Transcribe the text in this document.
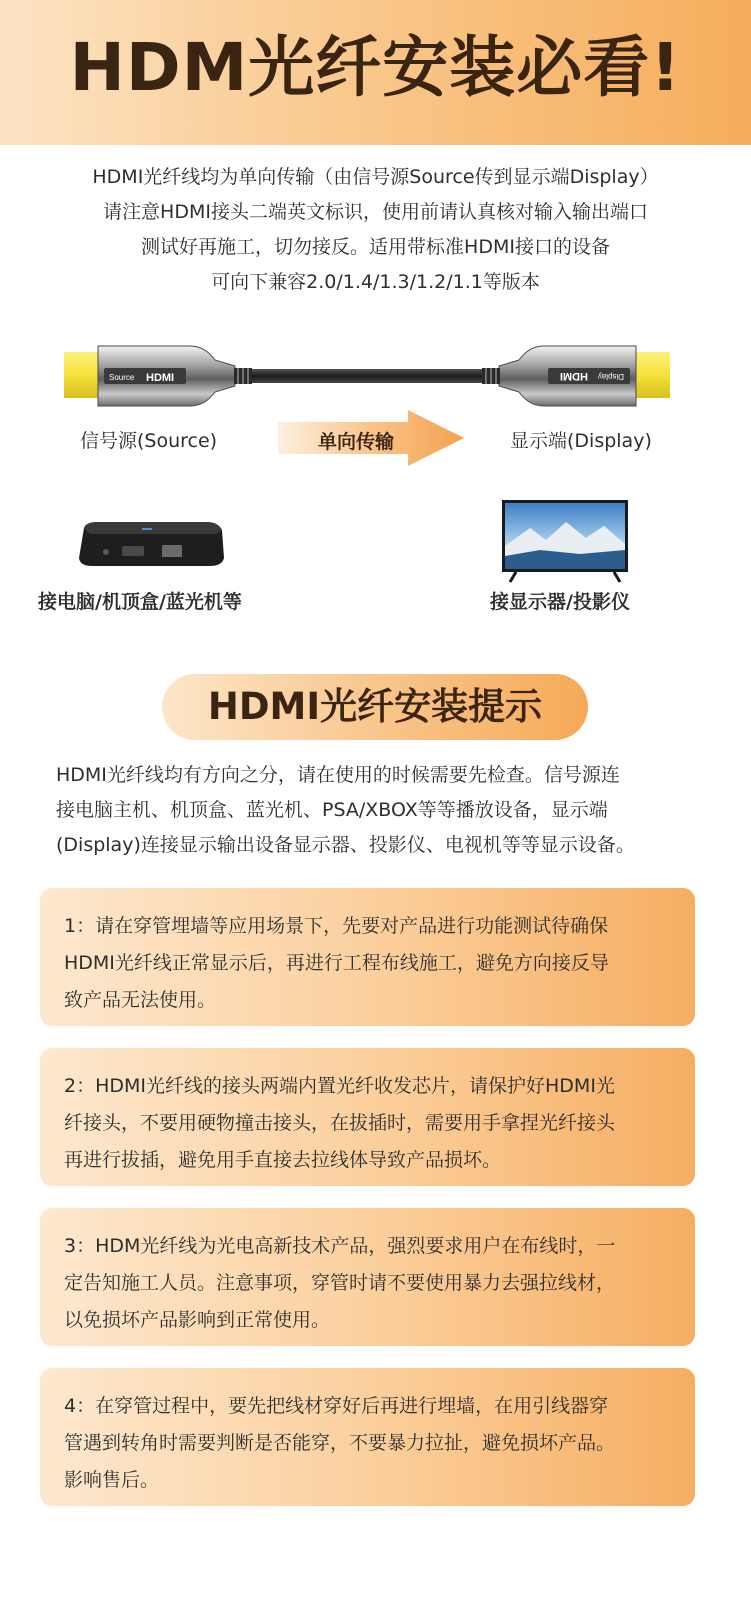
HDM光纤安装必看!

HDMI光纤线均为单向传输（由信号源Source传到显示端Display）

请注意HDMI接头二端英文标识，使用前请认真核对输入输出端口

测试好再施工，切勿接反。适用带标准HDMI接口的设备

可向下兼容2.0/1.4/1.3/1.2/1.1等版本

Source HDMI	HDMI Display
信号源(Source)	单向传输	显示端(Display)
接电脑/机顶盒/蓝光机等	接显示器/投影仪
HDMI光纤安装提示

HDMI光纤线均有方向之分，请在使用的时候需要先检查。信号源连

接电脑主机、机顶盒、蓝光机、PSA/XBOX等等播放设备，显示端

(Display)连接显示输出设备显示器、投影仪、电视机等等显示设备。

1：请在穿管埋墙等应用场景下，先要对产品进行功能测试待确保

HDMI光纤线正常显示后，再进行工程布线施工，避免方向接反导

致产品无法使用。

2：HDMI光纤线的接头两端内置光纤收发芯片，请保护好HDMI光

纤接头，不要用硬物撞击接头，在拔插时，需要用手拿捏光纤接头

再进行拔插，避免用手直接去拉线体导致产品损坏。

3：HDM光纤线为光电高新技术产品，强烈要求用户在布线时，一

定告知施工人员。注意事项，穿管时请不要使用暴力去强拉线材，

以免损坏产品影响到正常使用。

4：在穿管过程中，要先把线材穿好后再进行埋墙，在用引线器穿

管遇到转角时需要判断是否能穿，不要暴力拉扯，避免损坏产品。

影响售后。
